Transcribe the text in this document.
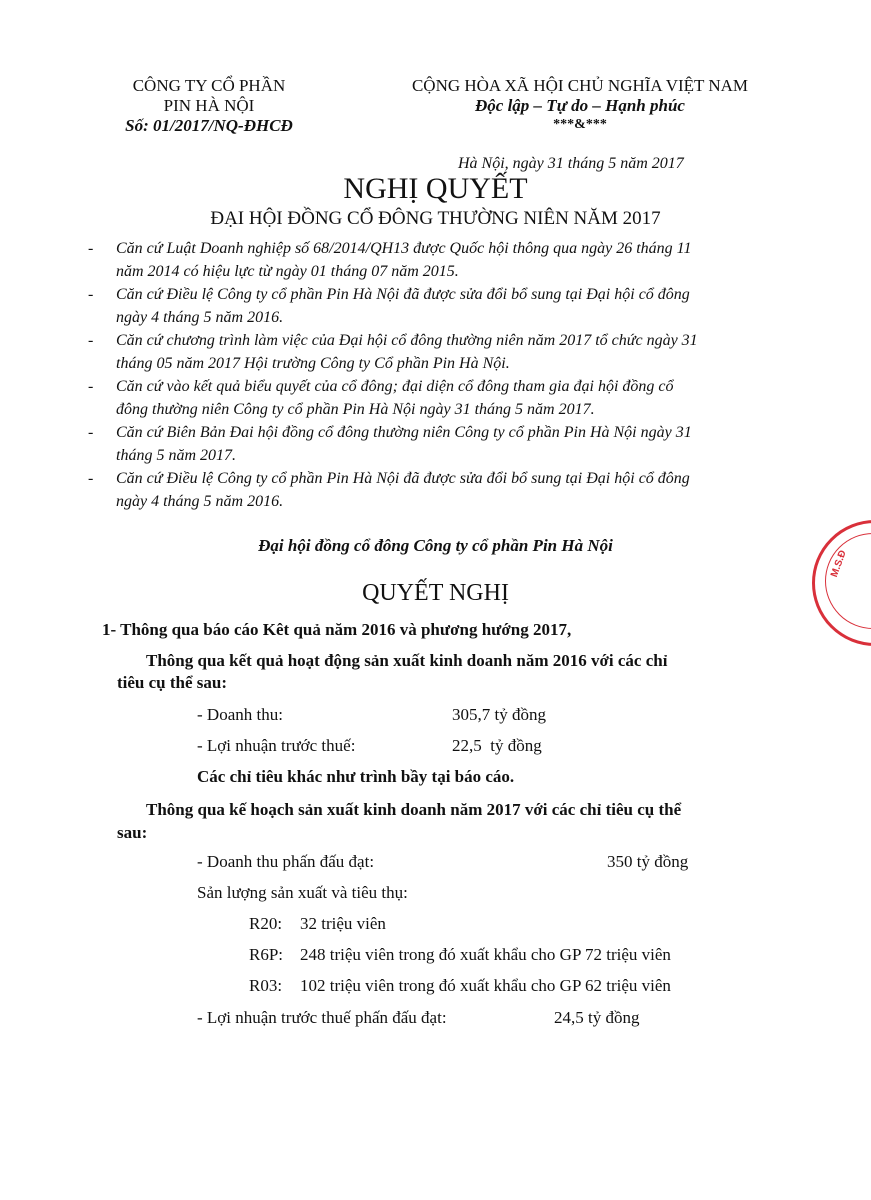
CÔNG TY CỔ PHẦN
PIN HÀ NỘI
Số: 01/2017/NQ-ĐHCĐ
CỘNG HÒA XÃ HỘI CHỦ NGHĨA VIỆT NAM
Độc lập – Tự do – Hạnh phúc
***&***
Hà Nội, ngày 31 tháng 5 năm 2017
NGHỊ QUYẾT
ĐẠI HỘI ĐỒNG CỔ ĐÔNG THƯỜNG NIÊN NĂM 2017
- Căn cứ Luật Doanh nghiệp số 68/2014/QH13 được Quốc hội thông qua ngày 26 tháng 11
năm 2014 có hiệu lực từ ngày 01 tháng 07 năm 2015.
- Căn cứ Điều lệ Công ty cổ phần Pin Hà Nội đã được sửa đổi bổ sung tại Đại hội cổ đông
ngày 4 tháng 5 năm 2016.
- Căn cứ chương trình làm việc của Đại hội cổ đông thường niên năm 2017 tổ chức ngày 31
tháng 05 năm 2017 Hội trường Công ty Cổ phần Pin Hà Nội.
- Căn cứ vào kết quả biểu quyết của cổ đông; đại diện cổ đông tham gia đại hội đồng cổ
đông thường niên Công ty cổ phần Pin Hà Nội ngày 31 tháng 5 năm 2017.
- Căn cứ Biên Bản Đai hội đồng cổ đông thường niên Công ty cổ phần Pin Hà Nội ngày 31
tháng 5 năm 2017.
- Căn cứ Điều lệ Công ty cổ phần Pin Hà Nội đã được sửa đổi bổ sung tại Đại hội cổ đông
ngày 4 tháng 5 năm 2016.
Đại hội đồng cổ đông Công ty cổ phần Pin Hà Nội
QUYẾT NGHỊ
1- Thông qua báo cáo Kêt quả năm 2016 và phương hướng 2017,
Thông qua kết quả hoạt động sản xuất kinh doanh năm 2016 với các chỉ
tiêu cụ thể sau:
- Doanh thu:	305,7 tỷ đồng
- Lợi nhuận trước thuế:	22,5  tỷ đồng
Các chỉ tiêu khác như trình bầy tại báo cáo.
Thông qua kế hoạch sản xuất kinh doanh năm 2017 với các chỉ tiêu cụ thể
sau:
- Doanh thu phấn đấu đạt:	350 tỷ đồng
Sản lượng sản xuất và tiêu thụ:
R20: 32 triệu viên
R6P: 248 triệu viên trong đó xuất khẩu cho GP 72 triệu viên
R03: 102 triệu viên trong đó xuất khẩu cho GP 62 triệu viên
- Lợi nhuận trước thuế phấn đấu đạt:	24,5 tỷ đồng
M.S.Đ
